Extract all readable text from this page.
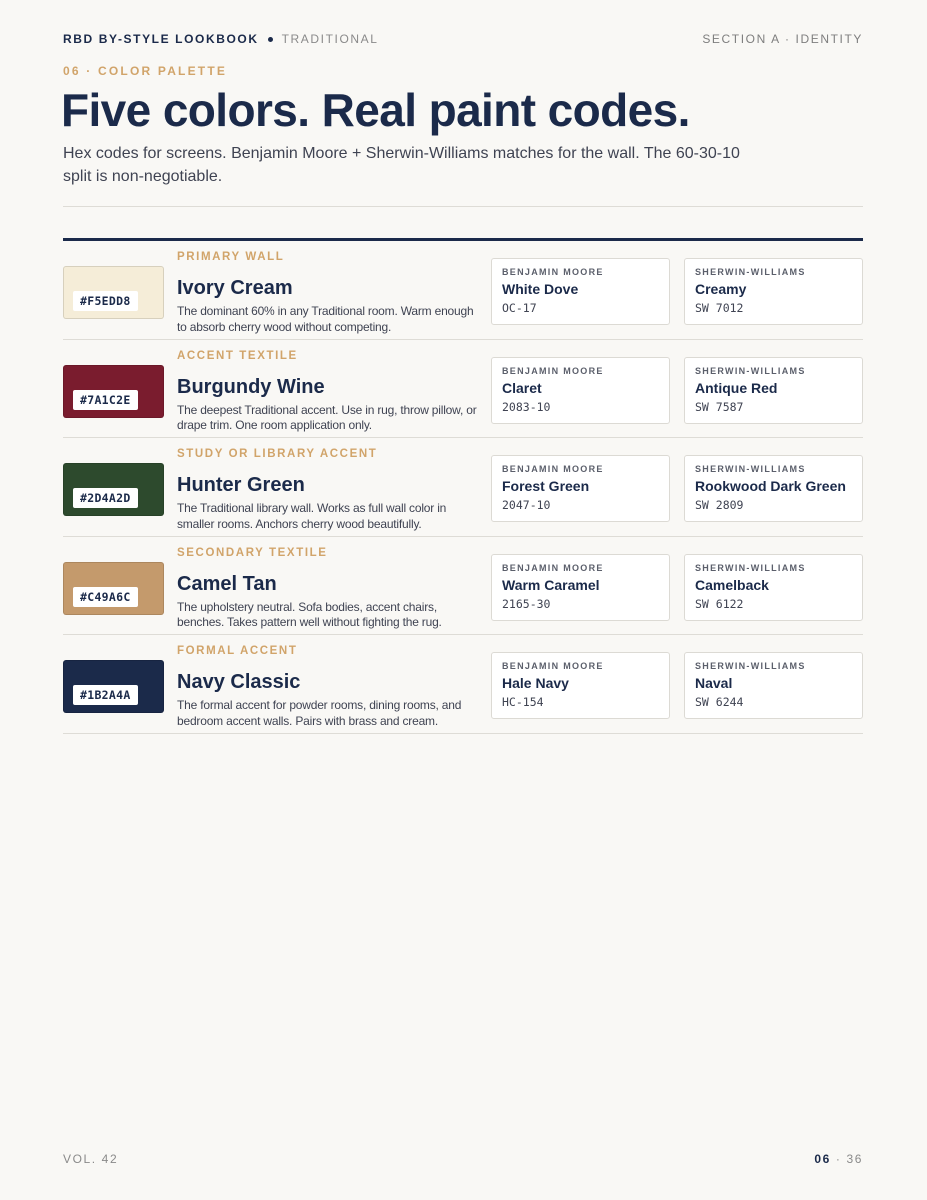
RBD BY-STYLE LOOKBOOK TRADITIONAL	SECTION A · IDENTITY
06 · COLOR PALETTE
Five colors. Real paint codes.

Hex codes for screens. Benjamin Moore + Sherwin-Williams matches for the wall. The 60-30-10 split is non-negotiable.

#F5EDD8
PRIMARY WALL
Ivory Cream
The dominant 60% in any Traditional room. Warm enough to absorb cherry wood without competing.
BENJAMIN MOORE
White Dove
OC-17
SHERWIN-WILLIAMS
Creamy
SW 7012
#7A1C2E
ACCENT TEXTILE
Burgundy Wine
The deepest Traditional accent. Use in rug, throw pillow, or drape trim. One room application only.
BENJAMIN MOORE
Claret
2083-10
SHERWIN-WILLIAMS
Antique Red
SW 7587
#2D4A2D
STUDY OR LIBRARY ACCENT
Hunter Green
The Traditional library wall. Works as full wall color in smaller rooms. Anchors cherry wood beautifully.
BENJAMIN MOORE
Forest Green
2047-10
SHERWIN-WILLIAMS
Rookwood Dark Green
SW 2809
#C49A6C
SECONDARY TEXTILE
Camel Tan
The upholstery neutral. Sofa bodies, accent chairs, benches. Takes pattern well without fighting the rug.
BENJAMIN MOORE
Warm Caramel
2165-30
SHERWIN-WILLIAMS
Camelback
SW 6122
#1B2A4A
FORMAL ACCENT
Navy Classic
The formal accent for powder rooms, dining rooms, and bedroom accent walls. Pairs with brass and cream.
BENJAMIN MOORE
Hale Navy
HC-154
SHERWIN-WILLIAMS
Naval
SW 6244
VOL. 42	06 · 36
